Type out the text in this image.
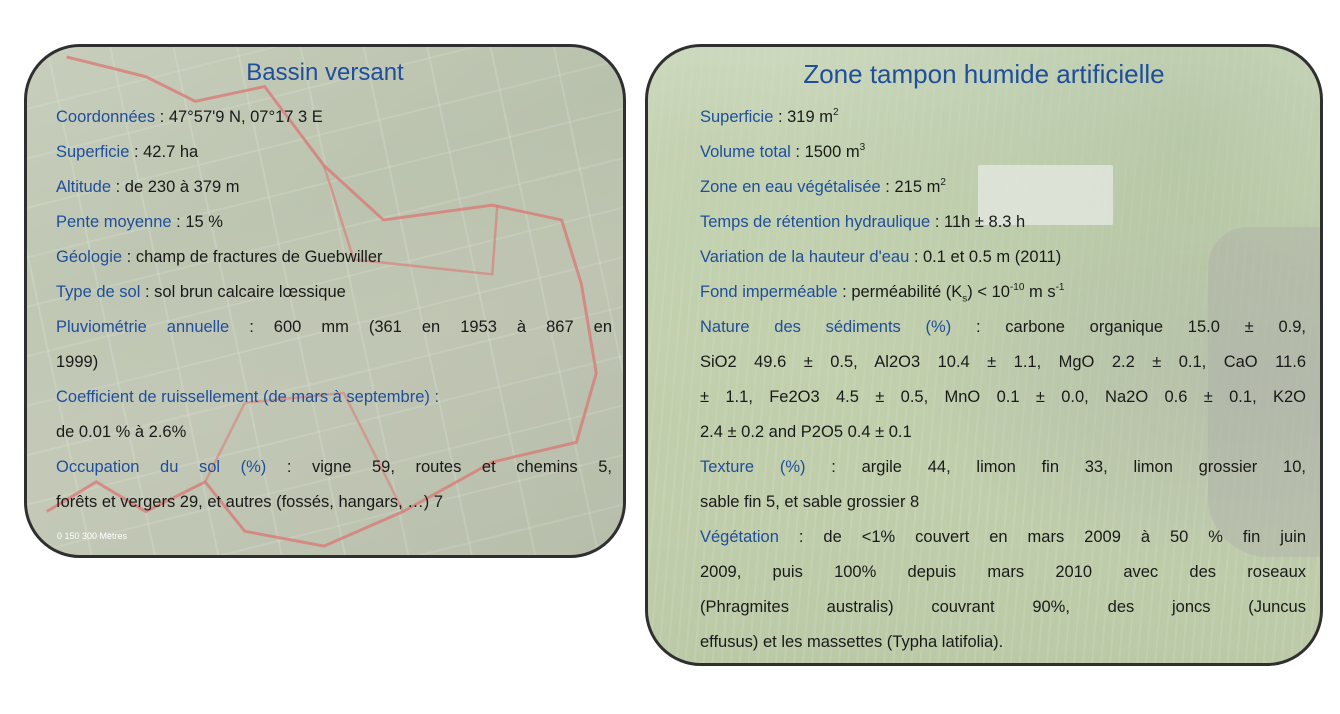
Bassin versant
Coordonnées : 47°57'9 N, 07°17 3 E
Superficie : 42.7 ha
Altitude : de 230 à 379 m
Pente moyenne : 15 %
Géologie : champ de fractures de Guebwiller
Type de sol : sol brun calcaire lœssique
Pluviométrie annuelle : 600 mm (361 en 1953 à 867 en
1999)
Coefficient de ruissellement (de mars à septembre) :
de 0.01 % à 2.6%
Occupation du sol (%) : vigne 59, routes et chemins 5,
forêts et vergers 29, et autres (fossés, hangars, …) 7
0 150 300 Mètres
Zone tampon humide artificielle
Superficie : 319 $m^2$
Volume total : 1500 $m^3$
Zone en eau végétalisée : 215 $m^2$
Temps de rétention hydraulique : 11h ± 8.3 h
Variation de la hauteur d'eau : 0.1 et 0.5 m (2011)
Fond imperméable : perméabilité $(K_s) < 10^{-10}$ m $s^{-1}$
Nature des sédiments (%) : carbone organique 15.0 ± 0.9,
SiO2 49.6 ± 0.5, Al2O3 10.4 ± 1.1, MgO 2.2 ± 0.1, CaO 11.6
± 1.1, Fe2O3 4.5 ± 0.5, MnO 0.1 ± 0.0, Na2O 0.6 ± 0.1, K2O
2.4 ± 0.2 and P2O5 0.4 ± 0.1
Texture (%) : argile 44, limon fin 33, limon grossier 10,
sable fin 5, et sable grossier 8
Végétation : de <1% couvert en mars 2009 à 50 % fin juin
2009, puis 100% depuis mars 2010 avec des roseaux
(Phragmites australis) couvrant 90%, des joncs (Juncus
effusus) et les massettes (Typha latifolia).
